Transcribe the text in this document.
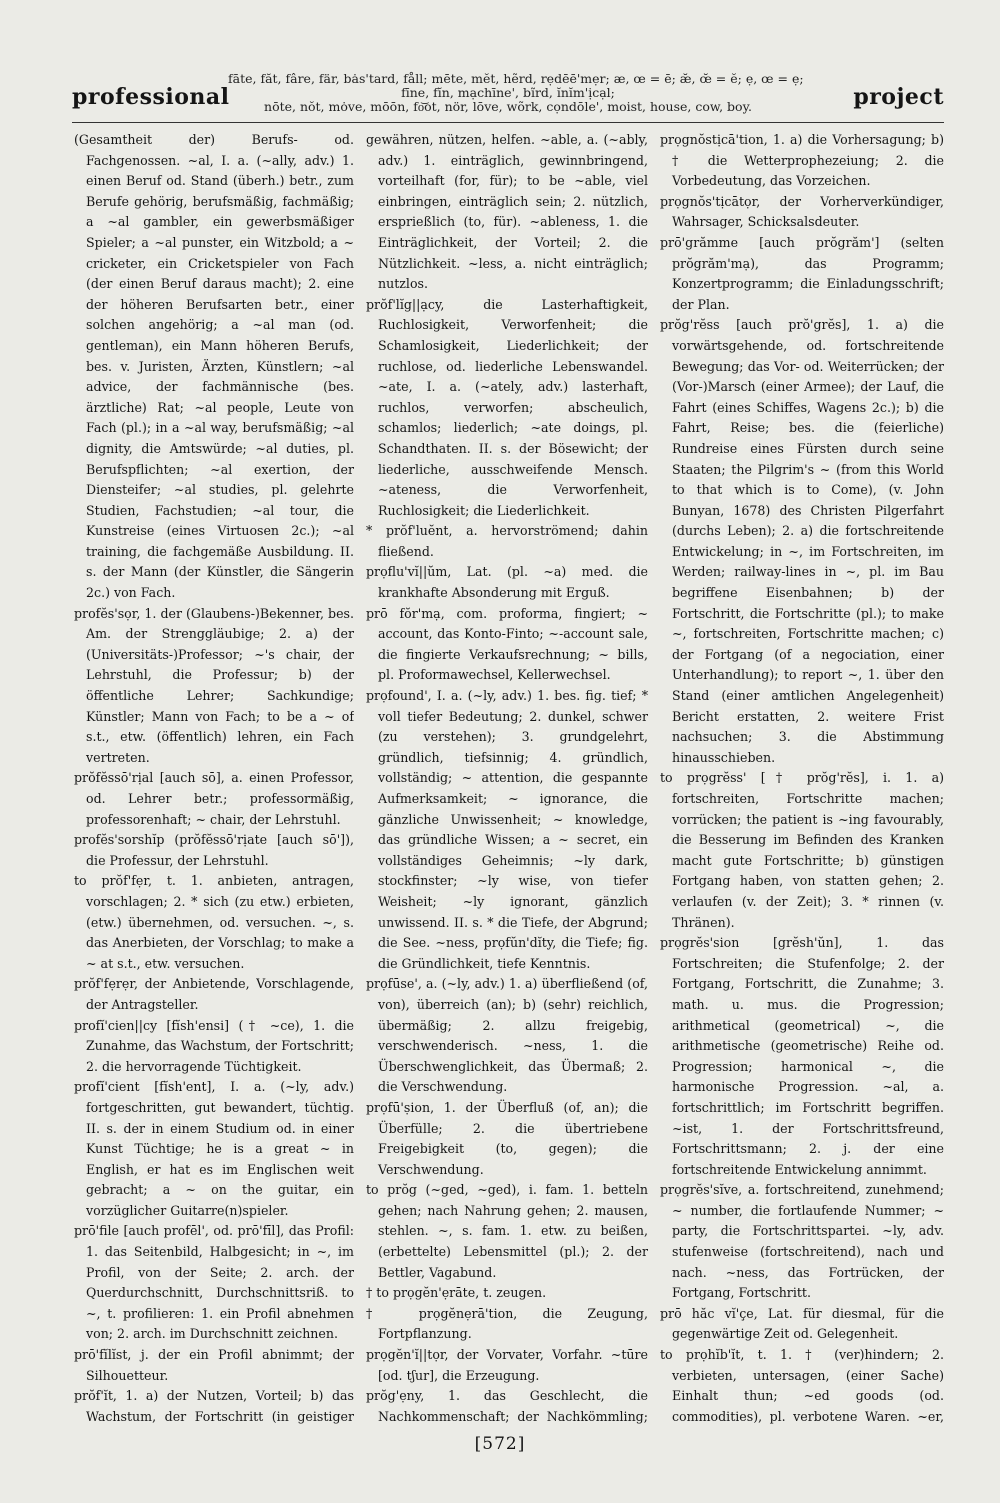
fāte, făt, fâre, fär, bȧs'tard, fåll; mēte, mĕt, hẽrd, rẹdēē'mẹr; æ, œ = ē; æ̆, œ̆ = ĕ; ẹ, œ = ẹ;
fīne, fĭn, mạchīne', bĩrd, ĭnĭm'ịcạl;
nōte, nŏt, mȯve, mōōn, fo͝ot, nör, lōve, wõrk, cọndōle', moist, house, cow, boy.
professional	project

(Gesamtheit der) Berufs- od. Fachgenossen. ~al, I. a. (~ally, adv.) 1. einen Beruf od. Stand (überh.) betr., zum Berufe gehörig, berufsmäßig, fachmäßig; a ~al gambler, ein gewerbsmäßiger Spieler; a ~al punster, ein Witzbold; a ~ cricketer, ein Cricketspieler von Fach (der einen Beruf daraus macht); 2. eine der höheren Berufsarten betr., einer solchen angehörig; a ~al man (od. gentleman), ein Mann höheren Berufs, bes. v. Juristen, Ärzten, Künstlern; ~al advice, der fachmännische (bes. ärztliche) Rat; ~al people, Leute von Fach (pl.); in a ~al way, berufsmäßig; ~al dignity, die Amtswürde; ~al duties, pl. Berufspflichten; ~al exertion, der Diensteifer; ~al studies, pl. gelehrte Studien, Fachstudien; ~al tour, die Kunstreise (eines Virtuosen 2c.); ~al training, die fachgemäße Ausbildung. II. s. der Mann (der Künstler, die Sängerin 2c.) von Fach.

profĕs'sọr, 1. der (Glaubens-)Bekenner, bes. Am. der Strenggläubige; 2. a) der (Universitäts-)Professor; ~'s chair, der Lehrstuhl, die Professur; b) der öffentliche Lehrer; Sachkundige; Künstler; Mann von Fach; to be a ~ of s.t., etw. (öffentlich) lehren, ein Fach vertreten.

prŏfĕssō'rịal [auch sō], a. einen Professor, od. Lehrer betr.; professormäßig, professorenhaft; ~ chair, der Lehrstuhl.

profĕs'sorshĭp (prŏfĕssō'rịate [auch sō']), die Professur, der Lehrstuhl.

to prŏf'fẹr, t. 1. anbieten, antragen, vorschlagen; 2. * sich (zu etw.) erbieten, (etw.) übernehmen, od. versuchen. ~, s. das Anerbieten, der Vorschlag; to make a ~ at s.t., etw. versuchen.

prŏf'fẹrẹr, der Anbietende, Vorschlagende, der Antragsteller.

profĭ'cien||cy [fĭsh'ensi] († ~ce), 1. die Zunahme, das Wachstum, der Fortschritt; 2. die hervorragende Tüchtigkeit.

profĭ'cient [fĭsh'ent], I. a. (~ly, adv.) fortgeschritten, gut bewandert, tüchtig. II. s. der in einem Studium od. in einer Kunst Tüchtige; he is a great ~ in English, er hat es im Englischen weit gebracht; a ~ on the guitar, ein vorzüglicher Guitarre(n)spieler.

prō'file [auch profēl', od. prō'fīl], das Profil: 1. das Seitenbild, Halbgesicht; in ~, im Profil, von der Seite; 2. arch. der Querdurchschnitt, Durchschnittsriß. to ~, t. profilieren: 1. ein Profil abnehmen von; 2. arch. im Durchschnitt zeichnen.

prō'fĭlĭst, j. der ein Profil abnimmt; der Silhouetteur.

prŏf'ĭt, 1. a) der Nutzen, Vorteil; b) das Wachstum, der Fortschritt (in geistiger

gewähren, nützen, helfen. ~able, a. (~ably, adv.) 1. einträglich, gewinnbringend, vorteilhaft (for, für); to be ~able, viel einbringen, einträglich sein; 2. nützlich, ersprießlich (to, für). ~ableness, 1. die Einträglichkeit, der Vorteil; 2. die Nützlichkeit. ~less, a. nicht einträglich; nutzlos.

prŏf'lĭg||ạcy, die Lasterhaftigkeit, Ruchlosigkeit, Verworfenheit; die Schamlosigkeit, Liederlichkeit; der ruchlose, od. liederliche Lebenswandel. ~ate, I. a. (~ately, adv.) lasterhaft, ruchlos, verworfen; abscheulich, schamlos; liederlich; ~ate doings, pl. Schandthaten. II. s. der Bösewicht; der liederliche, ausschweifende Mensch. ~ateness, die Verworfenheit, Ruchlosigkeit; die Liederlichkeit.

* prŏf'luĕnt, a. hervorströmend; dahin fließend.

prọflu'vĭ||ŭm, Lat. (pl. ~a) med. die krankhafte Absonderung mit Erguß.

prō fŏr'mạ, com. proforma, fingiert; ~ account, das Konto-Finto; ~-account sale, die fingierte Verkaufsrechnung; ~ bills, pl. Proformawechsel, Kellerwechsel.

prọfound', I. a. (~ly, adv.) 1. bes. fig. tief; * voll tiefer Bedeutung; 2. dunkel, schwer (zu verstehen); 3. grundgelehrt, gründlich, tiefsinnig; 4. gründlich, vollständig; ~ attention, die gespannte Aufmerksamkeit; ~ ignorance, die gänzliche Unwissenheit; ~ knowledge, das gründliche Wissen; a ~ secret, ein vollständiges Geheimnis; ~ly dark, stockfinster; ~ly wise, von tiefer Weisheit; ~ly ignorant, gänzlich unwissend. II. s. * die Tiefe, der Abgrund; die See. ~ness, prọfŭn'dĭty, die Tiefe; fig. die Gründlichkeit, tiefe Kenntnis.

prọfūse', a. (~ly, adv.) 1. a) überfließend (of, von), überreich (an); b) (sehr) reichlich, übermäßig; 2. allzu freigebig, verschwenderisch. ~ness, 1. die Überschwenglichkeit, das Übermaß; 2. die Verschwendung.

prọfū'ṣion, 1. der Überfluß (of, an); die Überfülle; 2. die übertriebene Freigebigkeit (to, gegen); die Verschwendung.

to prŏg (~ged, ~ged), i. fam. 1. betteln gehen; nach Nahrung gehen; 2. mausen, stehlen. ~, s. fam. 1. etw. zu beißen, (erbettelte) Lebensmittel (pl.); 2. der Bettler, Vagabund.

† to prọgĕn'ẹrāte, t. zeugen.

† prọgĕnẹrā'tion, die Zeugung, Fortpflanzung.

prọgĕn'ĭ||tọr, der Vorvater, Vorfahr. ~tūre [od. tʃur], die Erzeugung.

prŏg'ẹny, 1. das Geschlecht, die Nachkommenschaft; der Nachkömmling;

prọgnŏstịcā'tion, 1. a) die Vorhersagung; b) † die Wetterprophezeiung; 2. die Vorbedeutung, das Vorzeichen.

prọgnŏs'tịcātọr, der Vorherverkündiger, Wahrsager, Schicksalsdeuter.

prō'grămme [auch prŏgrăm'] (selten prŏgrăm'mạ), das Programm; Konzertprogramm; die Einladungsschrift; der Plan.

prŏg'rĕss [auch prŏ'grĕs], 1. a) die vorwärtsgehende, od. fortschreitende Bewegung; das Vor- od. Weiterrücken; der (Vor-)Marsch (einer Armee); der Lauf, die Fahrt (eines Schiffes, Wagens 2c.); b) die Fahrt, Reise; bes. die (feierliche) Rundreise eines Fürsten durch seine Staaten; the Pilgrim's ~ (from this World to that which is to Come), (v. John Bunyan, 1678) des Christen Pilgerfahrt (durchs Leben); 2. a) die fortschreitende Entwickelung; in ~, im Fortschreiten, im Werden; railway-lines in ~, pl. im Bau begriffene Eisenbahnen; b) der Fortschritt, die Fortschritte (pl.); to make ~, fortschreiten, Fortschritte machen; c) der Fortgang (of a negociation, einer Unterhandlung); to report ~, 1. über den Stand (einer amtlichen Angelegenheit) Bericht erstatten, 2. weitere Frist nachsuchen; 3. die Abstimmung hinausschieben.

to prọgrĕss' [† prŏg'rĕs], i. 1. a) fortschreiten, Fortschritte machen; vorrücken; the patient is ~ing favourably, die Besserung im Befinden des Kranken macht gute Fortschritte; b) günstigen Fortgang haben, von statten gehen; 2. verlaufen (v. der Zeit); 3. * rinnen (v. Thränen).

prọgrĕs'sion [grĕsh'ŭn], 1. das Fortschreiten; die Stufenfolge; 2. der Fortgang, Fortschritt, die Zunahme; 3. math. u. mus. die Progression; arithmetical (geometrical) ~, die arithmetische (geometrische) Reihe od. Progression; harmonical ~, die harmonische Progression. ~al, a. fortschrittlich; im Fortschritt begriffen. ~ist, 1. der Fortschrittsfreund, Fortschrittsmann; 2. j. der eine fortschreitende Entwickelung annimmt.

prọgrĕs'sĭve, a. fortschreitend, zunehmend; ~ number, die fortlaufende Nummer; ~ party, die Fortschrittspartei. ~ly, adv. stufenweise (fortschreitend), nach und nach. ~ness, das Fortrücken, der Fortgang, Fortschritt.

prō hăc vĭ'çe, Lat. für diesmal, für die gegenwärtige Zeit od. Gelegenheit.

to prọhĭb'ĭt, t. 1. † (ver)hindern; 2. verbieten, untersagen, (einer Sache) Einhalt thun; ~ed goods (od. commodities), pl. verbotene Waren. ~er,

[572]
